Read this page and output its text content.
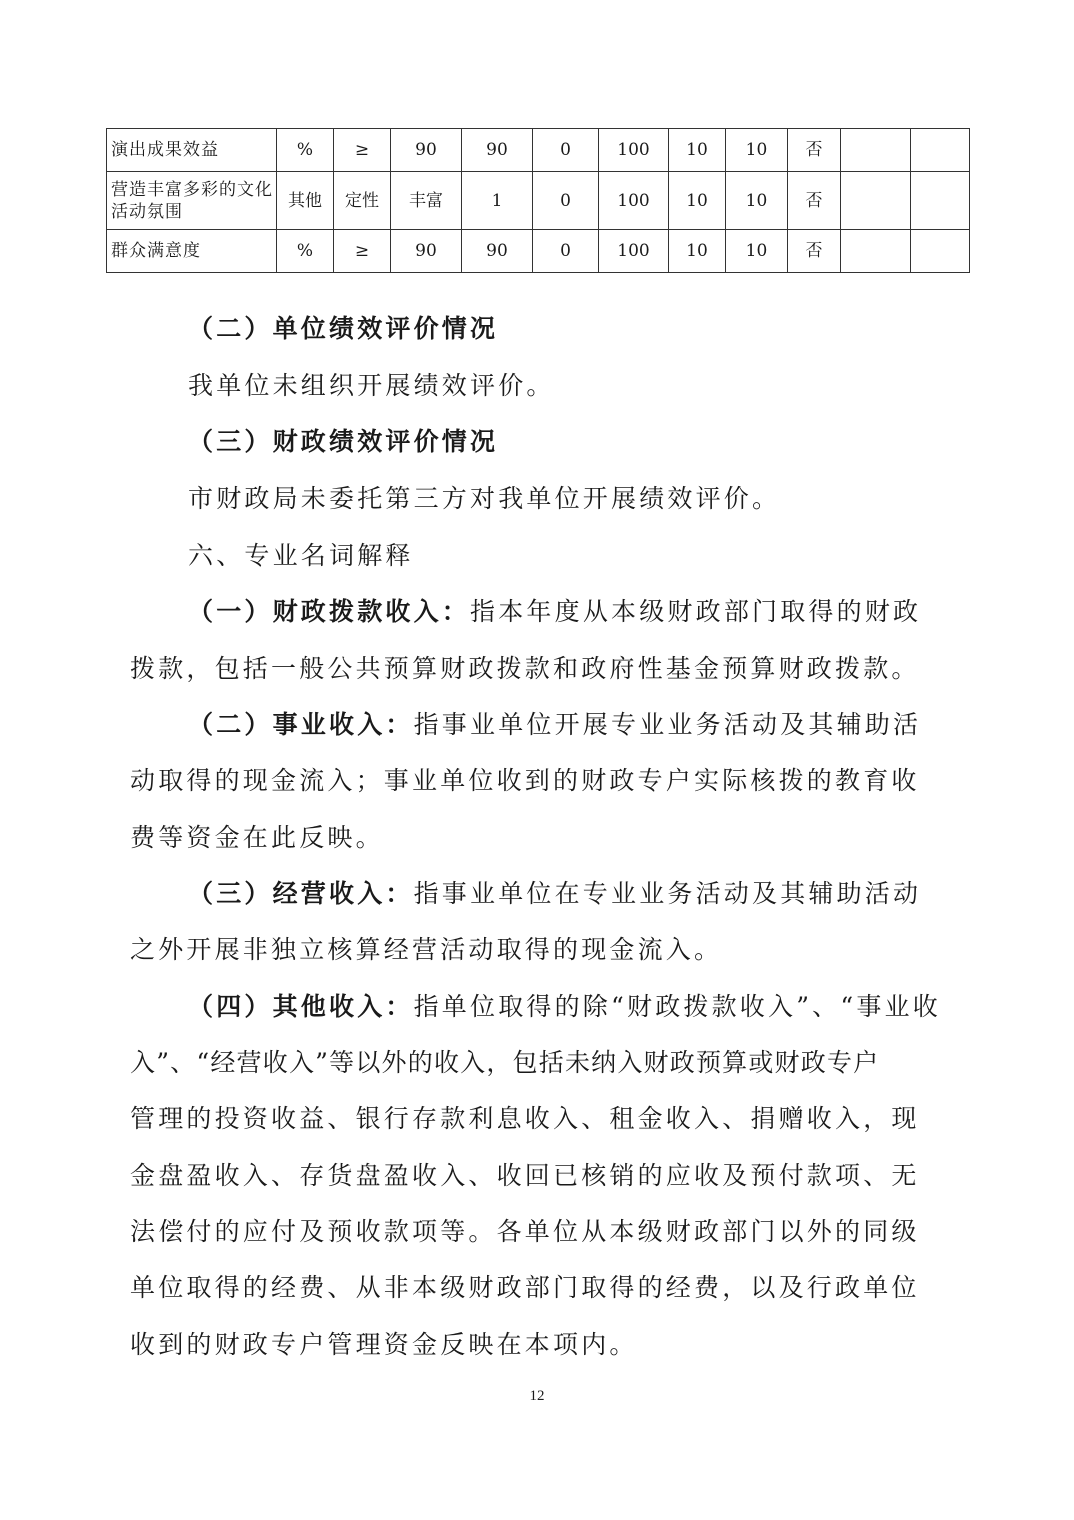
演出成果效益	%	≥	90	90	0	100	10	10	否		
营造丰富多彩的文化活动氛围	其他	定性	丰富	1	0	100	10	10	否		
群众满意度	%	≥	90	90	0	100	10	10	否		
（二）单位绩效评价情况
我单位未组织开展绩效评价。
（三）财政绩效评价情况
市财政局未委托第三方对我单位开展绩效评价。
六、专业名词解释
（一）财政拨款收入：指本年度从本级财政部门取得的财政
拨款，包括一般公共预算财政拨款和政府性基金预算财政拨款。
（二）事业收入：指事业单位开展专业业务活动及其辅助活
动取得的现金流入；事业单位收到的财政专户实际核拨的教育收
费等资金在此反映。
（三）经营收入：指事业单位在专业业务活动及其辅助活动
之外开展非独立核算经营活动取得的现金流入。
（四）其他收入：指单位取得的除“财政拨款收入”、“事业收
入”、“经营收入”等以外的收入，包括未纳入财政预算或财政专户
管理的投资收益、银行存款利息收入、租金收入、捐赠收入，现
金盘盈收入、存货盘盈收入、收回已核销的应收及预付款项、无
法偿付的应付及预收款项等。各单位从本级财政部门以外的同级
单位取得的经费、从非本级财政部门取得的经费，以及行政单位
收到的财政专户管理资金反映在本项内。
12
